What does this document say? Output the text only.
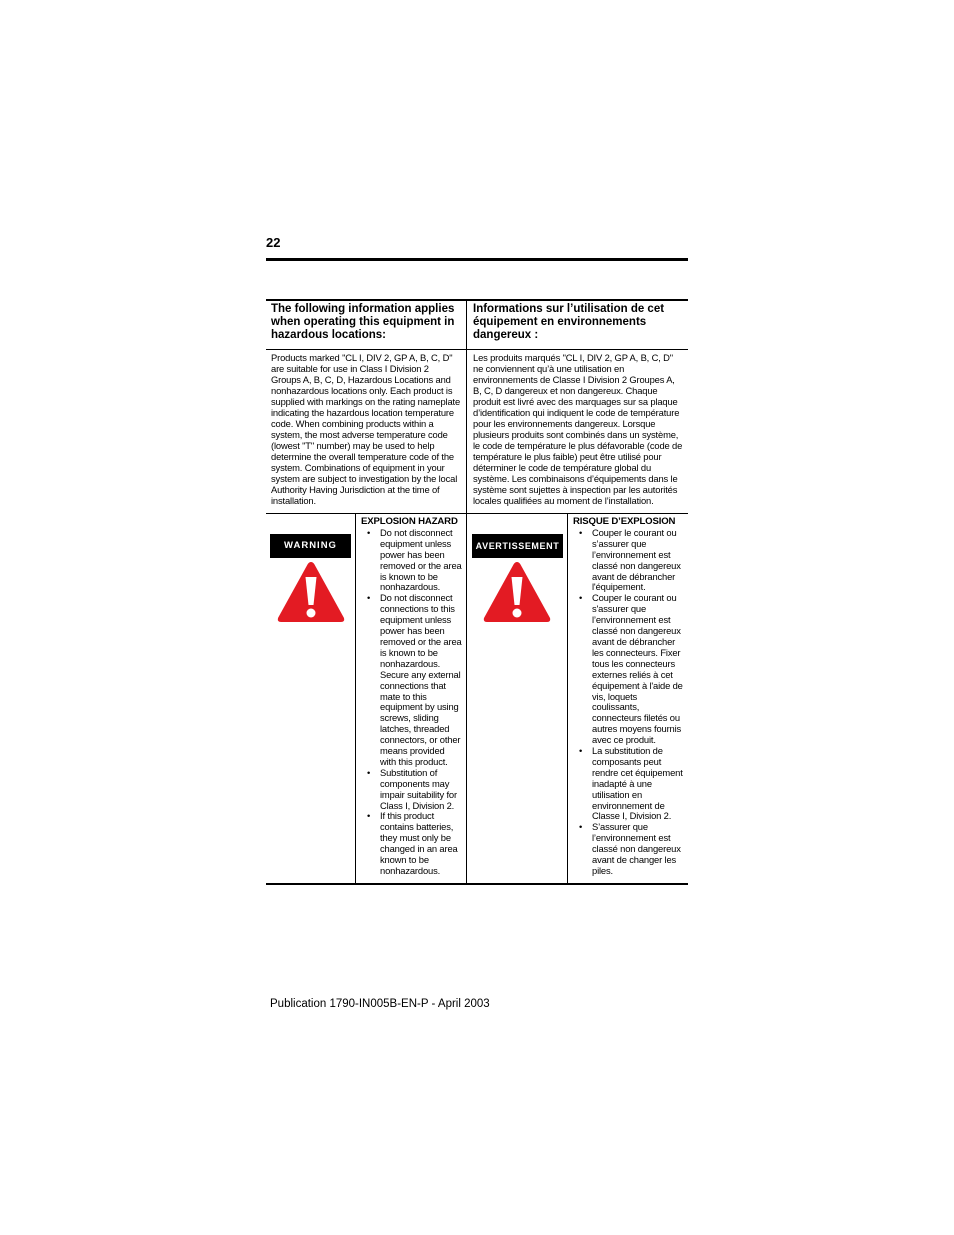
22
The following information applies when operating this equipment in hazardous locations:
Informations sur l’utilisation de cet équipement en environnements dangereux :
Products marked "CL I, DIV 2, GP A, B, C, D" are suitable for use in Class I Division 2 Groups A, B, C, D, Hazardous Locations and nonhazardous locations only. Each product is supplied with markings on the rating nameplate indicating the hazardous location temperature code. When combining products within a system, the most adverse temperature code (lowest "T" number) may be used to help determine the overall temperature code of the system. Combinations of equipment in your system are subject to investigation by the local Authority Having Jurisdiction at the time of installation.
Les produits marqués "CL I, DIV 2, GP A, B, C, D" ne conviennent qu’à une utilisation en environnements de Classe I Division 2 Groupes A, B, C, D dangereux et non dangereux. Chaque produit est livré avec des marquages sur sa plaque d’identification qui indiquent le code de température pour les environnements dangereux. Lorsque plusieurs produits sont combinés dans un système, le code de température le plus défavorable (code de température le plus faible) peut être utilisé pour déterminer le code de température global du système. Les combinaisons d’équipements dans le système sont sujettes à inspection par les autorités locales qualifiées au moment de l’installation.
WARNING
EXPLOSION HAZARD
• Do not disconnect equipment unless power has been removed or the area is known to be nonhazardous.
• Do not disconnect connections to this equipment unless power has been removed or the area is known to be nonhazardous. Secure any external connections that mate to this equipment by using screws, sliding latches, threaded connectors, or other means provided with this product.
• Substitution of components may impair suitability for Class I, Division 2.
• If this product contains batteries, they must only be changed in an area known to be nonhazardous.
AVERTISSEMENT
RISQUE D’EXPLOSION
• Couper le courant ou s’assurer que l’environnement est classé non dangereux avant de débrancher l'équipement.
• Couper le courant ou s'assurer que l’environnement est classé non dangereux avant de débrancher les connecteurs. Fixer tous les connecteurs externes reliés à cet équipement à l'aide de vis, loquets coulissants, connecteurs filetés ou autres moyens fournis avec ce produit.
• La substitution de composants peut rendre cet équipement inadapté à une utilisation en environnement de Classe I, Division 2.
• S’assurer que l’environnement est classé non dangereux avant de changer les piles.
Publication 1790-IN005B-EN-P - April 2003
